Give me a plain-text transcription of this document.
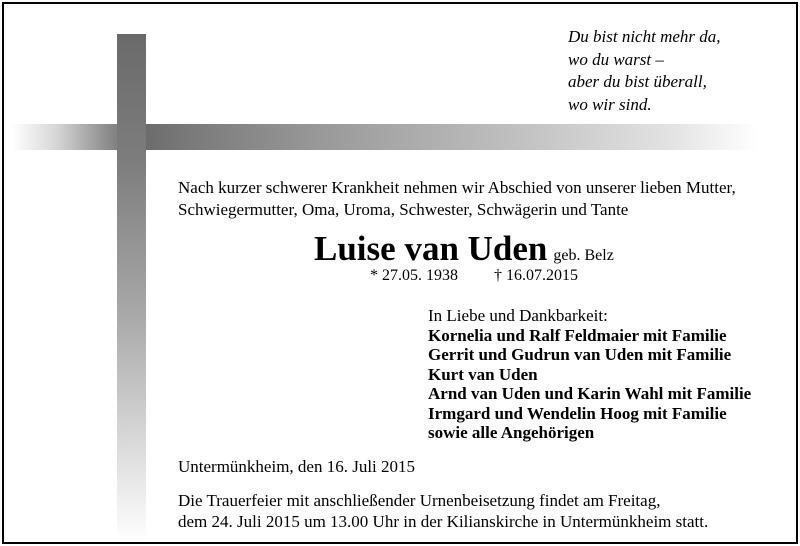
Du bist nicht mehr da,
wo du warst –
aber du bist überall,
wo wir sind.
Nach kurzer schwerer Krankheit nehmen wir Abschied von unserer lieben Mutter,
Schwiegermutter, Oma, Uroma, Schwester, Schwägerin und Tante
Luise van Uden geb. Belz
* 27.05. 1938 † 16.07.2015
In Liebe und Dankbarkeit:
Kornelia und Ralf Feldmaier mit Familie
Gerrit und Gudrun van Uden mit Familie
Kurt van Uden
Arnd van Uden und Karin Wahl mit Familie
Irmgard und Wendelin Hoog mit Familie
sowie alle Angehörigen
Untermünkheim, den 16. Juli 2015
Die Trauerfeier mit anschließender Urnenbeisetzung findet am Freitag,
dem 24. Juli 2015 um 13.00 Uhr in der Kilianskirche in Untermünkheim statt.
